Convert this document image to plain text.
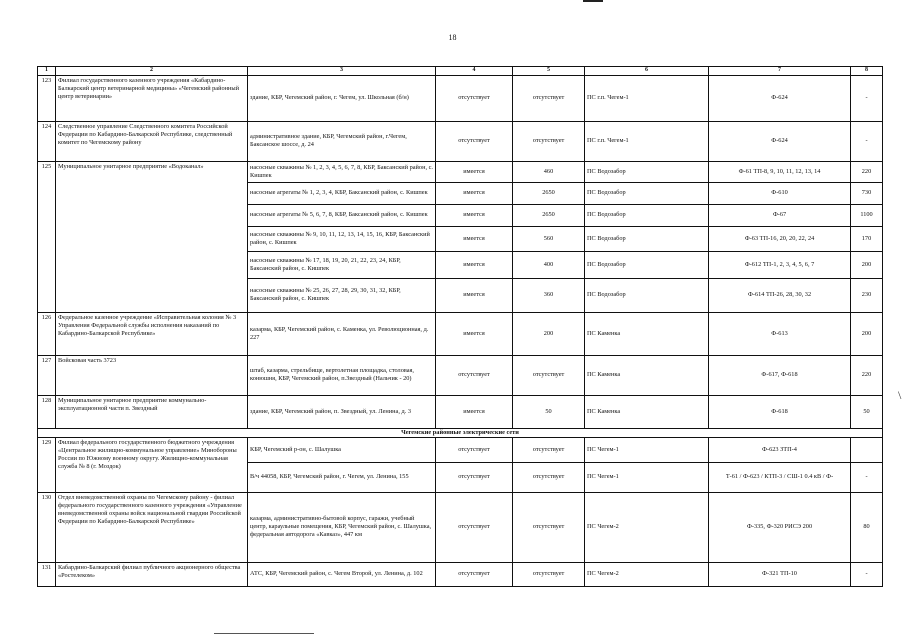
18
1	2	3	4	5	6	7	8
123	Филиал государственного казенного учреждения «Кабардино-Балкарский центр ветеринарной медицины» «Чегемский районный центр ветеринарии»	здание, КБР, Чегемский район, г. Чегем, ул. Школьная (б/н)	отсутствует	отсутствует	ПС г.п. Чегем-1	Ф-624	-
124	Следственное управление Следственного комитета Российской Федерации по Кабардино-Балкарской Республике, следственный комитет по Чегемскому району	административное здание, КБР, Чегемский район, г.Чегем, Баксанское шоссе, д. 24	отсутствует	отсутствует	ПС г.п. Чегем-1	Ф-624	-
125	Муниципальное унитарное предприятие «Водоканал»	насосные скважины № 1, 2, 3, 4, 5, 6, 7, 8, КБР, Баксанский район, с. Кишпек	имеется	460	ПС Водозабор	Ф-61 ТП-8, 9, 10, 11, 12, 13, 14	220
		насосные агрегаты № 1, 2, 3, 4, КБР, Баксанский район, с. Кишпек	имеется	2650	ПС Водозабор	Ф-610	730
		насосные агрегаты № 5, 6, 7, 8, КБР, Баксанский район, с. Кишпек	имеется	2650	ПС Водозабор	Ф-67	1100
		насосные скважины № 9, 10, 11, 12, 13, 14, 15, 16, КБР, Баксанский район, с. Кишпек	имеется	560	ПС Водозабор	Ф-63 ТП-16, 20, 20, 22, 24	170
		насосные скважины № 17, 18, 19, 20, 21, 22, 23, 24, КБР, Баксанский район, с. Кишпек	имеется	400	ПС Водозабор	Ф-612 ТП-1, 2, 3, 4, 5, 6, 7	200
		насосные скважины № 25, 26, 27, 28, 29, 30, 31, 32, КБР, Баксанский район, с. Кишпек	имеется	360	ПС Водозабор	Ф-614 ТП-26, 28, 30, 32	230
126	Федеральное казенное учреждение «Исправительная колония № 3 Управления Федеральной службы исполнения наказаний по Кабардино-Балкарской Республике»	казарма, КБР, Чегемский район, с. Каменка, ул. Революционная, д. 227	имеется	200	ПС Каменка	Ф-613	200
127	Войсковая часть 3723	штаб, казарма, стрельбище, вертолетная площадка, столовая, конюшня, КБР, Чегемский район, п.Звездный (Нальчик - 20)	отсутствует	отсутствует	ПС Каменка	Ф-617, Ф-618	220
128	Муниципальное унитарное предприятие коммунально-эксплуатационной части п. Звездный	здание, КБР, Чегемский район, п. Звездный, ул. Ленина, д. 3	имеется	50	ПС Каменка	Ф-618	50
Чегемские районные электрические сети							
129	Филиал федерального государственного бюджетного учреждения «Центральное жилищно-коммунальное управление» Минобороны России по Южному военному округу. Жилищно-коммунальная служба № 8 (г. Моздок)	КБР, Чегемский р-он, с. Шалушка	отсутствует	отсутствует	ПС Чегем-1	Ф-623 ЗТП-4	
		В/ч 44058, КБР, Чегемский район, г. Чегем, ул. Ленина, 155	отсутствует	отсутствует	ПС Чегем-1	Т-61 / Ф-623 / КТП-3 / СШ-1 0.4 кВ / Ф-	-
130	Отдел вневедомственной охраны по Чегемскому району - филиал федерального государственного казенного учреждения «Управление вневедомственной охраны войск национальной гвардии Российской Федерации по Кабардино-Балкарской Республике»	казарма, административно-бытовой корпус, гаражи, учебный центр, караульные помещения, КБР, Чегемский район, с. Шалушка, федеральная автодорога «Кавказ», 447 км	отсутствует	отсутствует	ПС Чегем-2	Ф-335, Ф-320 РИСЭ 200	80
131	Кабардино-Балкарский филиал публичного акционерного общества «Ростелеком»	АТС, КБР, Чегемский район, с. Чегем Второй, ул. Ленина, д. 102	отсутствует	отсутствует	ПС Чегем-2	Ф-321 ТП-10	-
\
